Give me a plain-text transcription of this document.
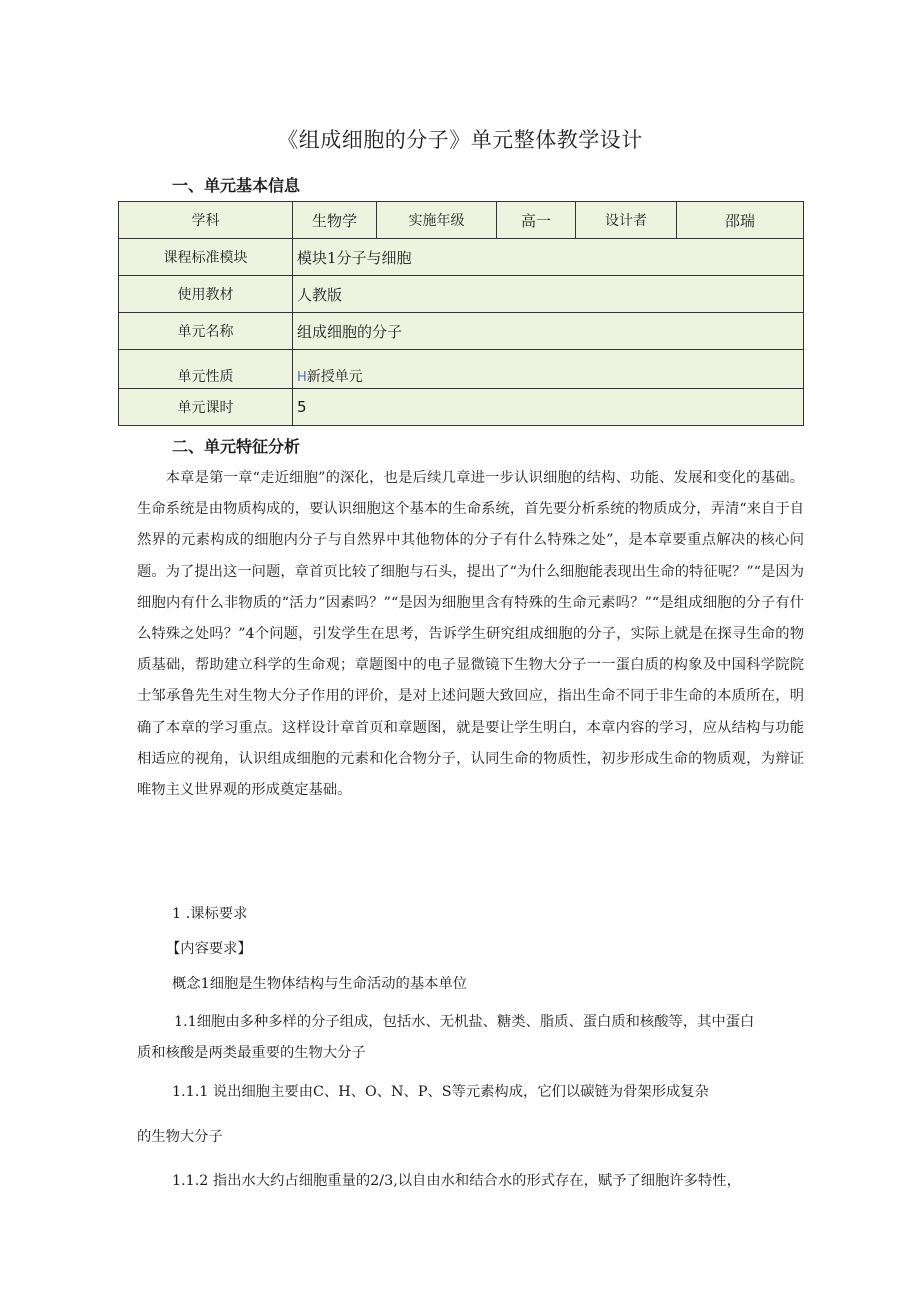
《组成细胞的分子》单元整体教学设计
一、单元基本信息
学科	生物学	实施年级	高一	设计者	邵瑞
课程标准模块	模块1分子与细胞				
使用教材	人教版				
单元名称	组成细胞的分子				
单元性质	H新授单元				
单元课时	5				
二、单元特征分析

本章是第一章“走近细胞”的深化，也是后续几章进一步认识细胞的结构、功能、发展和变化的基础。生命系统是由物质构成的，要认识细胞这个基本的生命系统，首先要分析系统的物质成分，弄清“来自于自然界的元素构成的细胞内分子与自然界中其他物体的分子有什么特殊之处”，是本章要重点解决的核心问题。为了提出这一问题，章首页比较了细胞与石头，提出了“为什么细胞能表现出生命的特征呢？”“是因为细胞内有什么非物质的“活力”因素吗？”“是因为细胞里含有特殊的生命元素吗？”“是组成细胞的分子有什么特殊之处吗？”4个问题，引发学生在思考，告诉学生研究组成细胞的分子，实际上就是在探寻生命的物质基础，帮助建立科学的生命观；章题图中的电子显微镜下生物大分子一一蛋白质的构象及中国科学院院士邹承鲁先生对生物大分子作用的评价，是对上述问题大致回应，指出生命不同于非生命的本质所在，明确了本章的学习重点。这样设计章首页和章题图，就是要让学生明白，本章内容的学习，应从结构与功能相适应的视角，认识组成细胞的元素和化合物分子，认同生命的物质性，初步形成生命的物质观，为辩证唯物主义世界观的形成奠定基础。

1 .课标要求
【内容要求】
概念1细胞是生物体结构与生命活动的基本单位
1.1细胞由多种多样的分子组成，包括水、无机盐、糖类、脂质、蛋白质和核酸等，其中蛋白
质和核酸是两类最重要的生物大分子
1.1.1 说出细胞主要由C、H、O、N、P、S等元素构成，它们以碳链为骨架形成复杂
的生物大分子
1.1.2 指出水大约占细胞重量的2/3,以自由水和结合水的形式存在，赋予了细胞许多特性，
